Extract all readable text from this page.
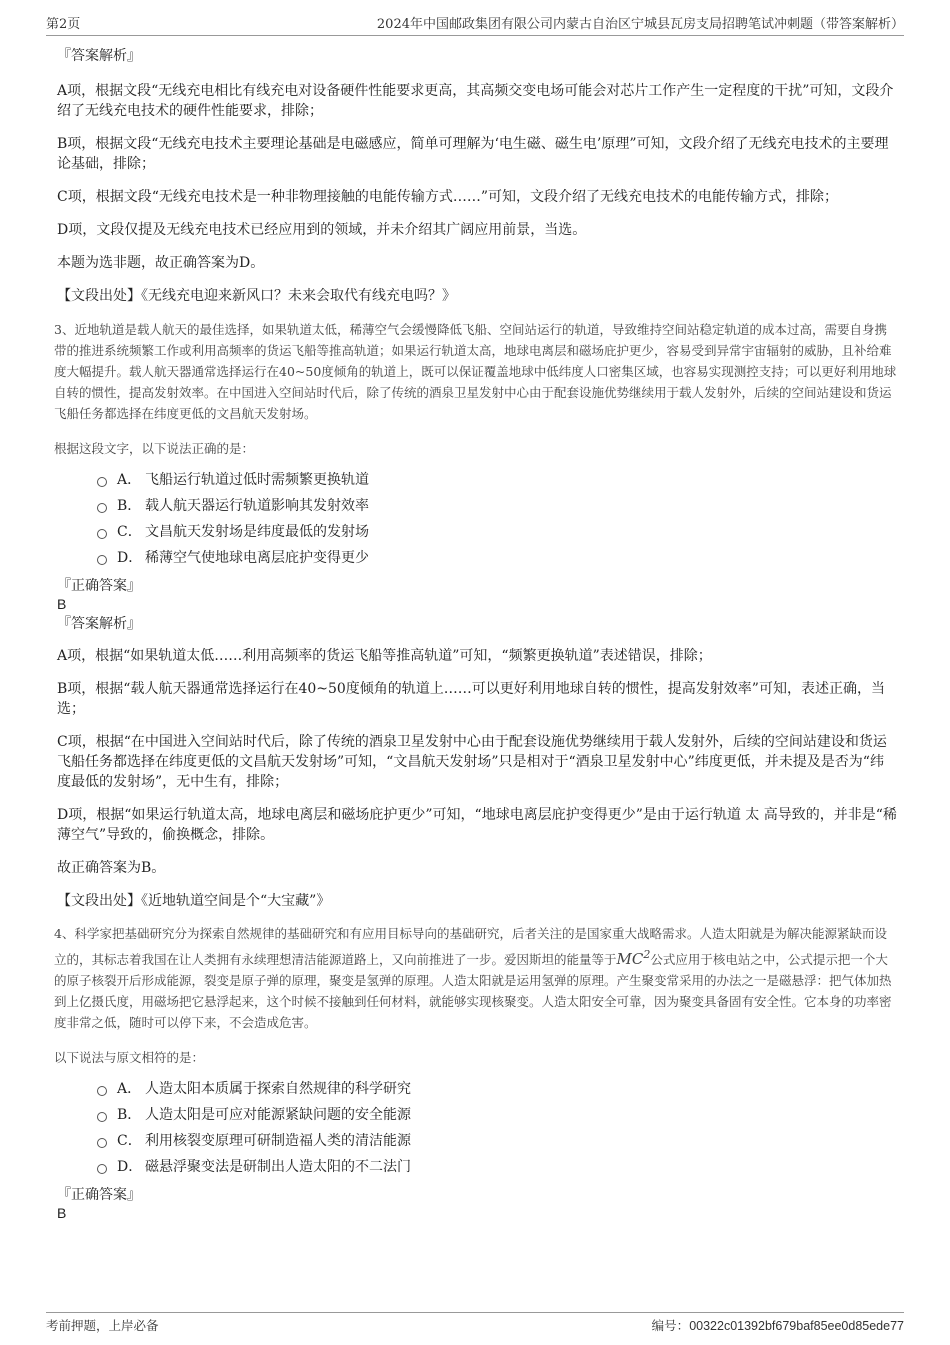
第2页	2024年中国邮政集团有限公司内蒙古自治区宁城县瓦房支局招聘笔试冲刺题（带答案解析）

『答案解析』

A项，根据文段“无线充电相比有线充电对设备硬件性能要求更高，其高频交变电场可能会对芯片工作产生一定程度的干扰”可知，文段介绍了无线充电技术的硬件性能要求，排除；

B项，根据文段“无线充电技术主要理论基础是电磁感应，简单可理解为‘电生磁、磁生电’原理”可知，文段介绍了无线充电技术的主要理论基础，排除；

C项，根据文段“无线充电技术是一种非物理接触的电能传输方式……”可知，文段介绍了无线充电技术的电能传输方式，排除；

D项，文段仅提及无线充电技术已经应用到的领域，并未介绍其广阔应用前景，当选。

本题为选非题，故正确答案为D。

【文段出处】《无线充电迎来新风口？未来会取代有线充电吗？》

3、近地轨道是载人航天的最佳选择，如果轨道太低，稀薄空气会缓慢降低飞船、空间站运行的轨道，导致维持空间站稳定轨道的成本过高，需要自身携带的推进系统频繁工作或利用高频率的货运飞船等推高轨道；如果运行轨道太高，地球电离层和磁场庇护更少，容易受到异常宇宙辐射的威胁，且补给难度大幅提升。载人航天器通常选择运行在40~50度倾角的轨道上，既可以保证覆盖地球中低纬度人口密集区域，也容易实现测控支持；可以更好利用地球自转的惯性，提高发射效率。在中国进入空间站时代后，除了传统的酒泉卫星发射中心由于配套设施优势继续用于载人发射外，后续的空间站建设和货运飞船任务都选择在纬度更低的文昌航天发射场。

根据这段文字，以下说法正确的是：

A． 飞船运行轨道过低时需频繁更换轨道
B． 载人航天器运行轨道影响其发射效率
C． 文昌航天发射场是纬度最低的发射场
D． 稀薄空气使地球电离层庇护变得更少

『正确答案』

B

『答案解析』

A项，根据“如果轨道太低……利用高频率的货运飞船等推高轨道”可知，“频繁更换轨道”表述错误，排除；

B项，根据“载人航天器通常选择运行在40~50度倾角的轨道上……可以更好利用地球自转的惯性，提高发射效率”可知，表述正确，当选；

C项，根据“在中国进入空间站时代后，除了传统的酒泉卫星发射中心由于配套设施优势继续用于载人发射外，后续的空间站建设和货运飞船任务都选择在纬度更低的文昌航天发射场”可知，“文昌航天发射场”只是相对于“酒泉卫星发射中心”纬度更低，并未提及是否为“纬度最低的发射场”，无中生有，排除；

D项，根据“如果运行轨道太高，地球电离层和磁场庇护更少”可知，“地球电离层庇护变得更少”是由于运行轨道 太 高导致的，并非是“稀薄空气”导致的，偷换概念，排除。

故正确答案为B。

【文段出处】《近地轨道空间是个“大宝藏”》

4、科学家把基础研究分为探索自然规律的基础研究和有应用目标导向的基础研究，后者关注的是国家重大战略需求。人造太阳就是为解决能源紧缺而设立的，其标志着我国在让人类拥有永续理想清洁能源道路上，又向前推进了一步。爱因斯坦的能量等于$MC^2$公式应用于核电站之中，公式提示把一个大的原子核裂开后形成能源，裂变是原子弹的原理，聚变是氢弹的原理。人造太阳就是运用氢弹的原理。产生聚变常采用的办法之一是磁悬浮：把气体加热到上亿摄氏度，用磁场把它悬浮起来，这个时候不接触到任何材料，就能够实现核聚变。人造太阳安全可靠，因为聚变具备固有安全性。它本身的功率密度非常之低，随时可以停下来，不会造成危害。

以下说法与原文相符的是：

A． 人造太阳本质属于探索自然规律的科学研究
B． 人造太阳是可应对能源紧缺问题的安全能源
C． 利用核裂变原理可研制造福人类的清洁能源
D． 磁悬浮聚变法是研制出人造太阳的不二法门

『正确答案』

B

考前押题，上岸必备	编号：00322c01392bf679baf85ee0d85ede77
